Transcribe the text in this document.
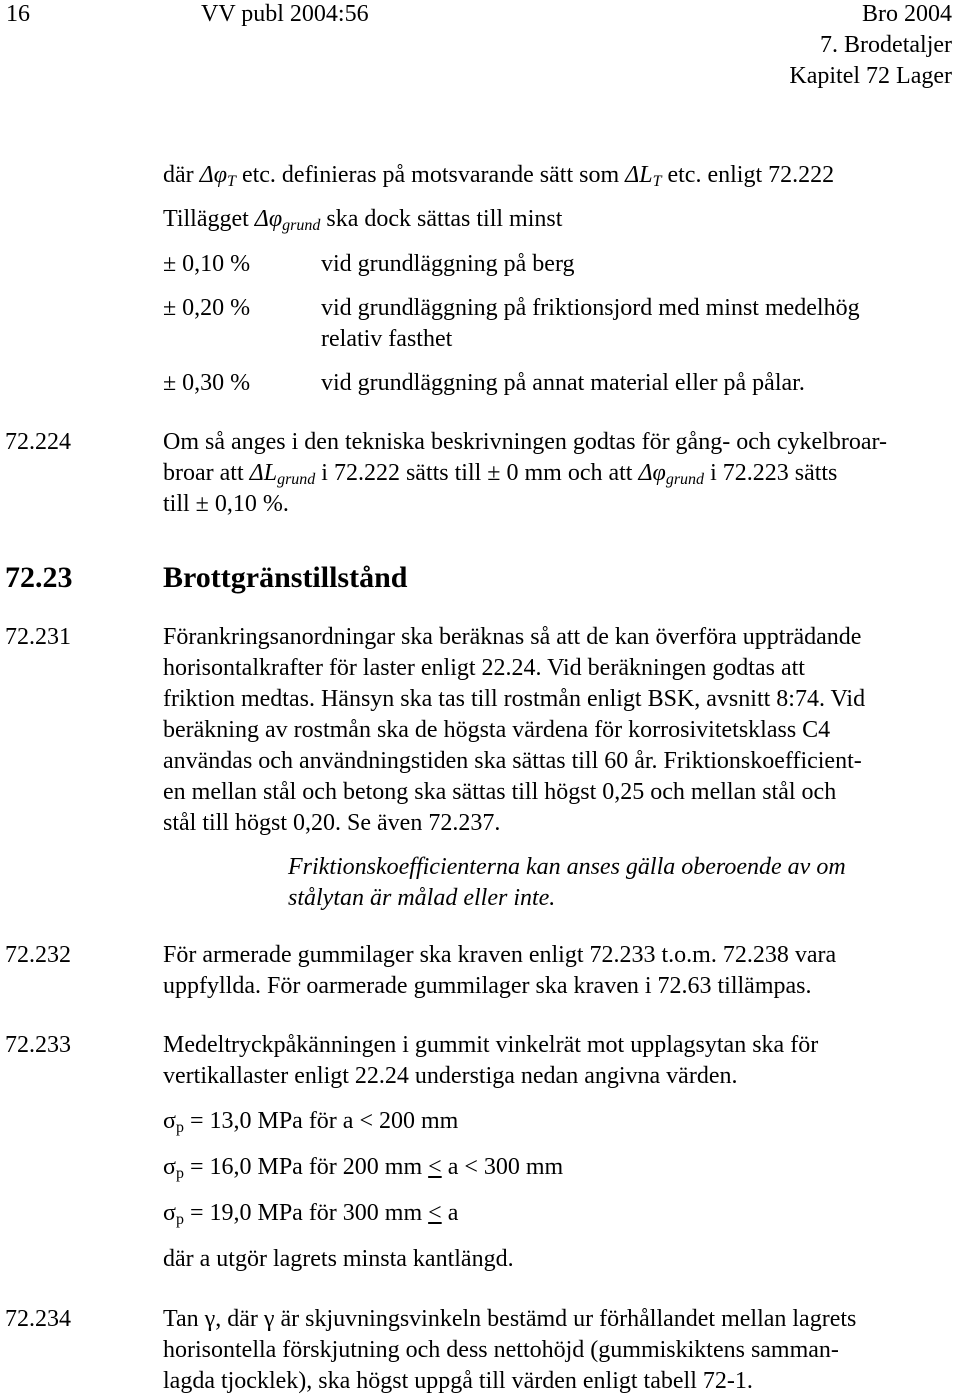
16	VV publ 2004:56	Bro 2004
7. Brodetaljer
Kapitel 72 Lager
där $\Delta\varphi_T$ etc. definieras på motsvarande sätt som $\Delta L_T$ etc. enligt 72.222
Tillägget $\Delta\varphi_{grund}$ ska dock sättas till minst
± 0,10 %	vid grundläggning på berg
± 0,20 %	vid grundläggning på friktionsjord med minst medelhög
relativ fasthet
± 0,30 %	vid grundläggning på annat material eller på pålar.
72.224	Om så anges i den tekniska beskrivningen godtas för gång- och cykelbroar-
broar att $\Delta L_{grund}$ i 72.222 sätts till ± 0 mm och att $\Delta\varphi_{grund}$ i 72.223 sätts
till ± 0,10 %.
72.23	Brottgränstillstånd
72.231	Förankringsanordningar ska beräknas så att de kan överföra uppträdande
horisontalkrafter för laster enligt 22.24. Vid beräkningen godtas att
friktion medtas. Hänsyn ska tas till rostmån enligt BSK, avsnitt 8:74. Vid
beräkning av rostmån ska de högsta värdena för korrosivitetsklass C4
användas och användningstiden ska sättas till 60 år. Friktionskoefficient-
en mellan stål och betong ska sättas till högst 0,25 och mellan stål och
stål till högst 0,20. Se även 72.237.
Friktionskoefficienterna kan anses gälla oberoende av om
stålytan är målad eller inte.
72.232	För armerade gummilager ska kraven enligt 72.233 t.o.m. 72.238 vara
uppfyllda. För oarmerade gummilager ska kraven i 72.63 tillämpas.
72.233	Medeltryckpåkänningen i gummit vinkelrät mot upplagsytan ska för
vertikallaster enligt 22.24 understiga nedan angivna värden.
$\sigma_p = 13,0$ MPa för a < 200 mm
$\sigma_p = 16,0$ MPa för 200 mm < a < 300 mm
$\sigma_p = 19,0$ MPa för 300 mm < a
där a utgör lagrets minsta kantlängd.
72.234	Tan γ, där γ är skjuvningsvinkeln bestämd ur förhållandet mellan lagrets
horisontella förskjutning och dess nettohöjd (gummiskiktens samman-
lagda tjocklek), ska högst uppgå till värden enligt tabell 72-1.
